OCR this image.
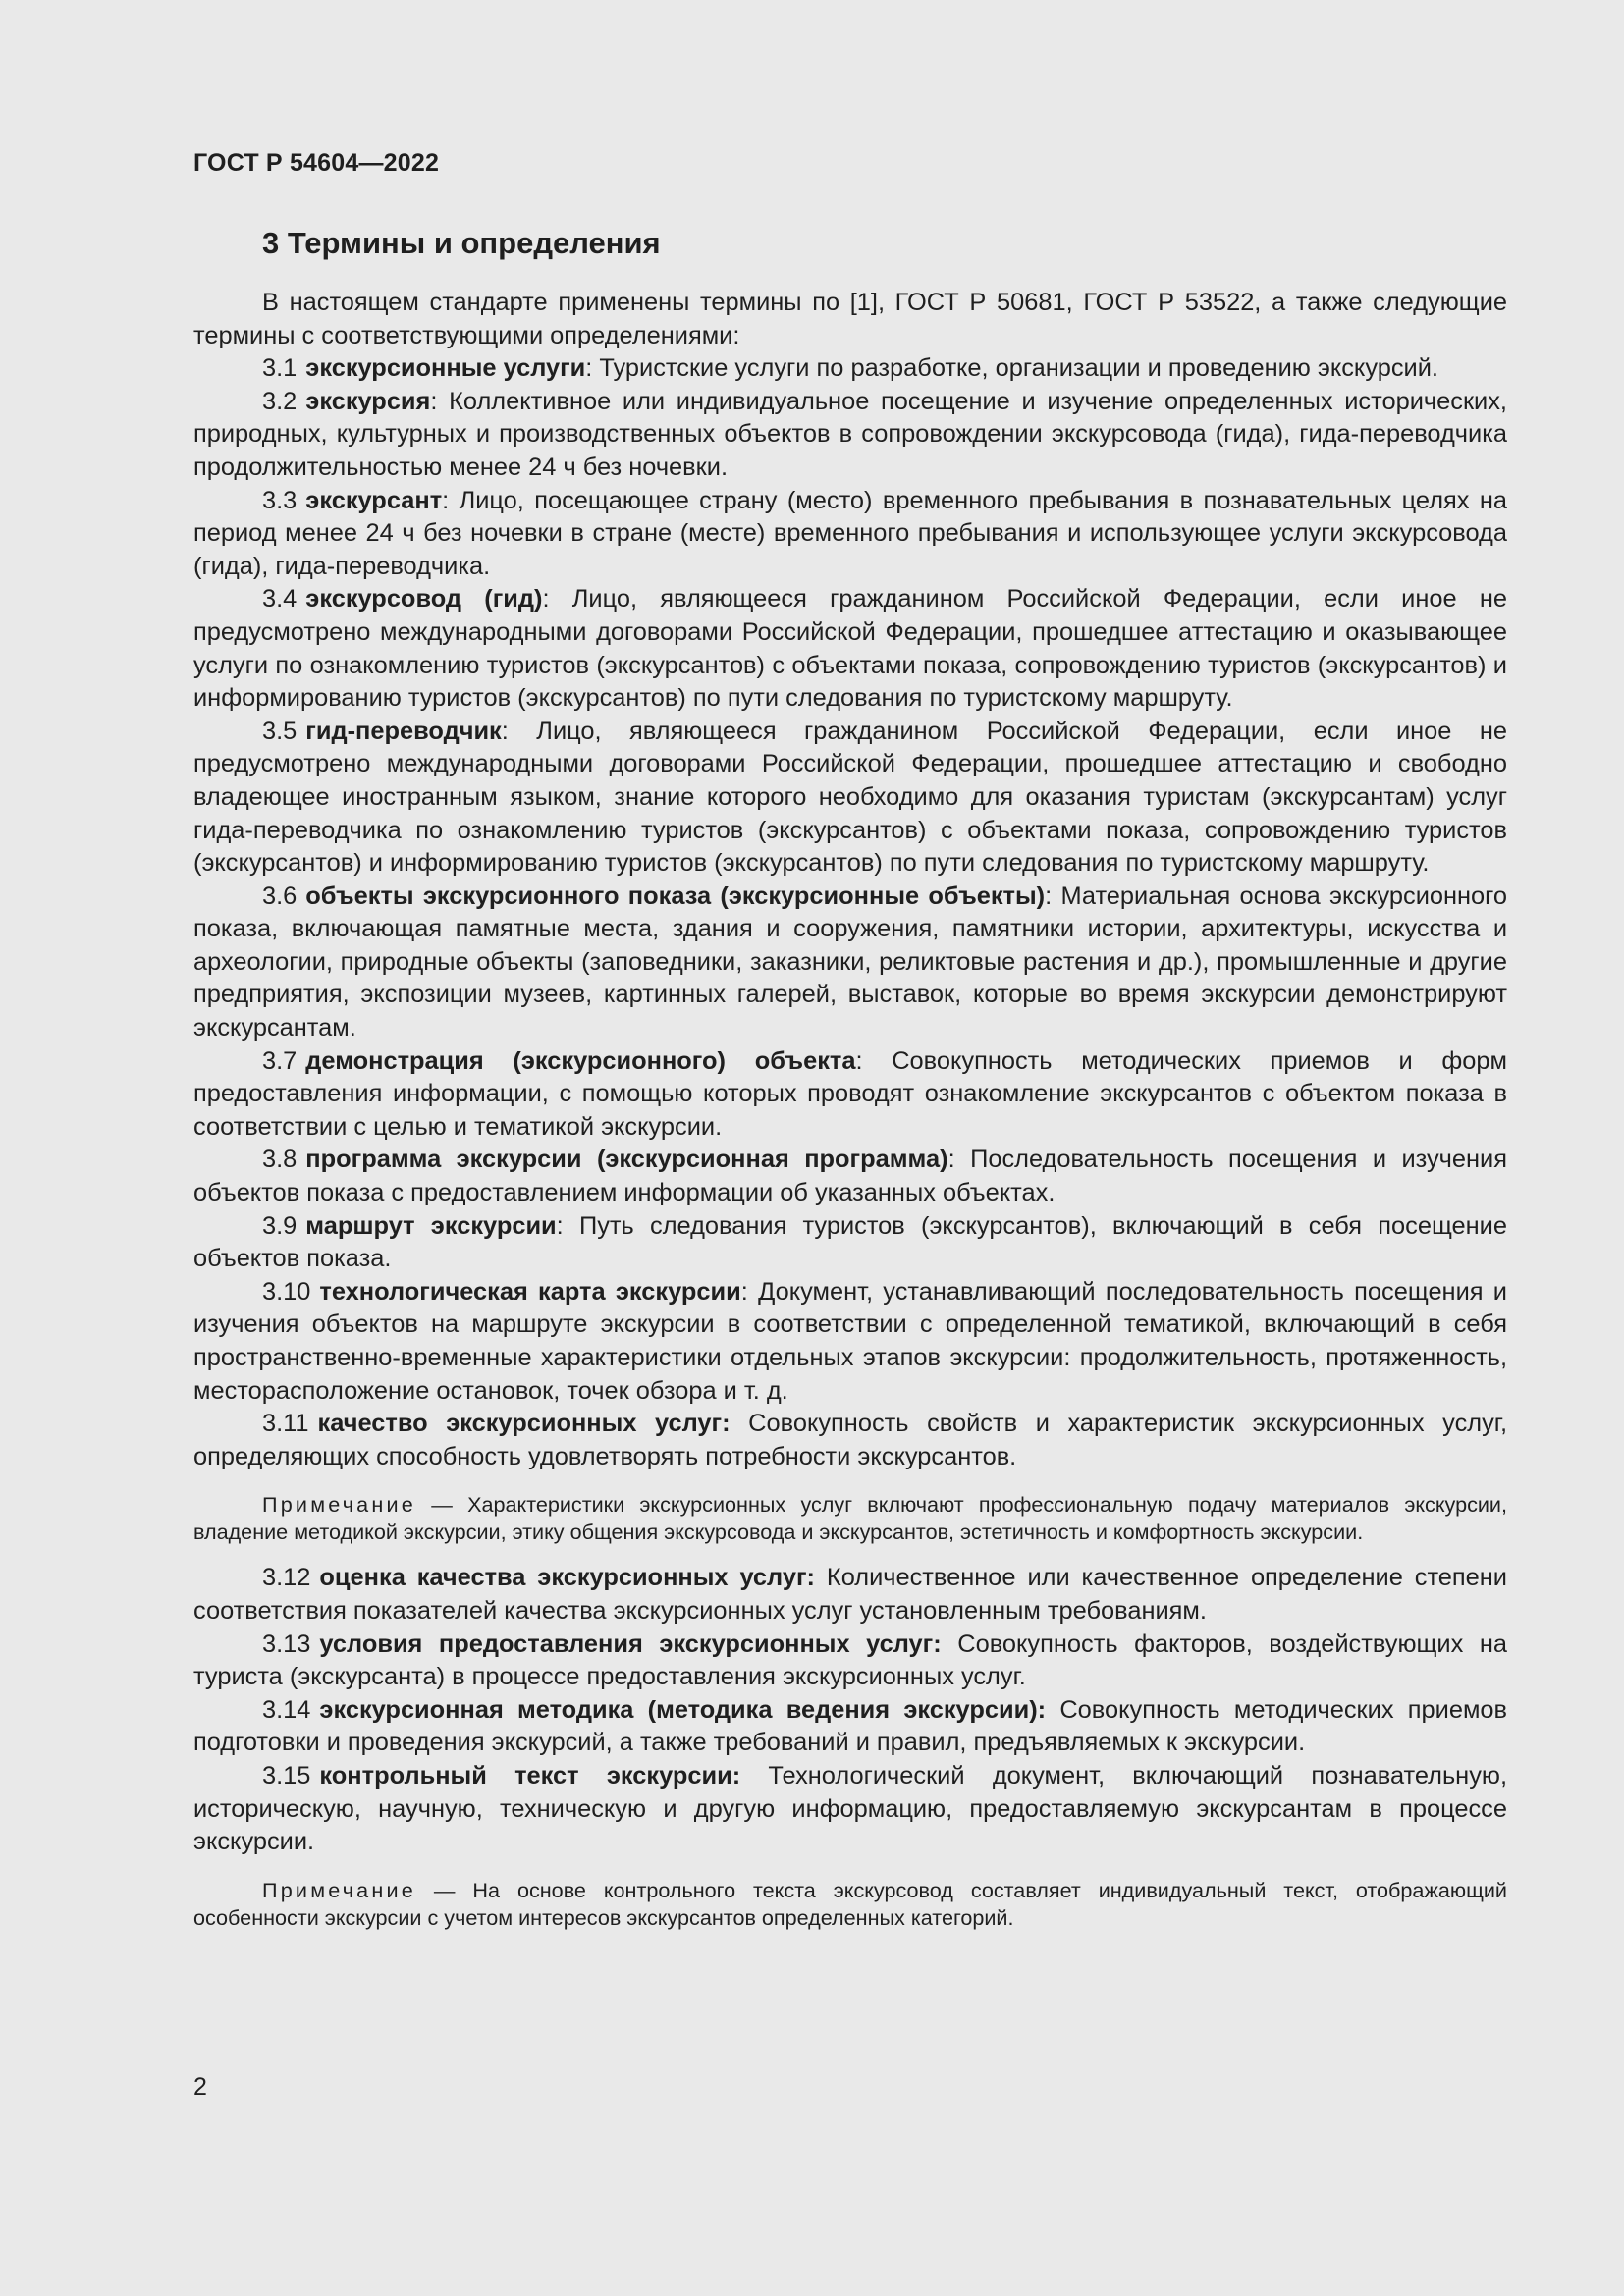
ГОСТ Р 54604—2022
3 Термины и определения

В настоящем стандарте применены термины по [1], ГОСТ Р 50681, ГОСТ Р 53522, а также следующие термины с соответствующими определениями:

3.1 экскурсионные услуги: Туристские услуги по разработке, организации и проведению экскурсий.

3.2 экскурсия: Коллективное или индивидуальное посещение и изучение определенных исторических, природных, культурных и производственных объектов в сопровождении экскурсовода (гида), гида-переводчика продолжительностью менее 24 ч без ночевки.

3.3 экскурсант: Лицо, посещающее страну (место) временного пребывания в познавательных целях на период менее 24 ч без ночевки в стране (месте) временного пребывания и использующее услуги экскурсовода (гида), гида-переводчика.

3.4 экскурсовод (гид): Лицо, являющееся гражданином Российской Федерации, если иное не предусмотрено международными договорами Российской Федерации, прошедшее аттестацию и оказывающее услуги по ознакомлению туристов (экскурсантов) с объектами показа, сопровождению туристов (экскурсантов) и информированию туристов (экскурсантов) по пути следования по туристскому маршруту.

3.5 гид-переводчик: Лицо, являющееся гражданином Российской Федерации, если иное не предусмотрено международными договорами Российской Федерации, прошедшее аттестацию и свободно владеющее иностранным языком, знание которого необходимо для оказания туристам (экскурсантам) услуг гида-переводчика по ознакомлению туристов (экскурсантов) с объектами показа, сопровождению туристов (экскурсантов) и информированию туристов (экскурсантов) по пути следования по туристскому маршруту.

3.6 объекты экскурсионного показа (экскурсионные объекты): Материальная основа экскурсионного показа, включающая памятные места, здания и сооружения, памятники истории, архитектуры, искусства и археологии, природные объекты (заповедники, заказники, реликтовые растения и др.), промышленные и другие предприятия, экспозиции музеев, картинных галерей, выставок, которые во время экскурсии демонстрируют экскурсантам.

3.7 демонстрация (экскурсионного) объекта: Совокупность методических приемов и форм предоставления информации, с помощью которых проводят ознакомление экскурсантов с объектом показа в соответствии с целью и тематикой экскурсии.

3.8 программа экскурсии (экскурсионная программа): Последовательность посещения и изучения объектов показа с предоставлением информации об указанных объектах.

3.9 маршрут экскурсии: Путь следования туристов (экскурсантов), включающий в себя посещение объектов показа.

3.10 технологическая карта экскурсии: Документ, устанавливающий последовательность посещения и изучения объектов на маршруте экскурсии в соответствии с определенной тематикой, включающий в себя пространственно-временные характеристики отдельных этапов экскурсии: продолжительность, протяженность, месторасположение остановок, точек обзора и т. д.

3.11 качество экскурсионных услуг: Совокупность свойств и характеристик экскурсионных услуг, определяющих способность удовлетворять потребности экскурсантов.

Примечание — Характеристики экскурсионных услуг включают профессиональную подачу материалов экскурсии, владение методикой экскурсии, этику общения экскурсовода и экскурсантов, эстетичность и комфортность экскурсии.

3.12 оценка качества экскурсионных услуг: Количественное или качественное определение степени соответствия показателей качества экскурсионных услуг установленным требованиям.

3.13 условия предоставления экскурсионных услуг: Совокупность факторов, воздействующих на туриста (экскурсанта) в процессе предоставления экскурсионных услуг.

3.14 экскурсионная методика (методика ведения экскурсии): Совокупность методических приемов подготовки и проведения экскурсий, а также требований и правил, предъявляемых к экскурсии.

3.15 контрольный текст экскурсии: Технологический документ, включающий познавательную, историческую, научную, техническую и другую информацию, предоставляемую экскурсантам в процессе экскурсии.

Примечание — На основе контрольного текста экскурсовод составляет индивидуальный текст, отображающий особенности экскурсии с учетом интересов экскурсантов определенных категорий.

2
